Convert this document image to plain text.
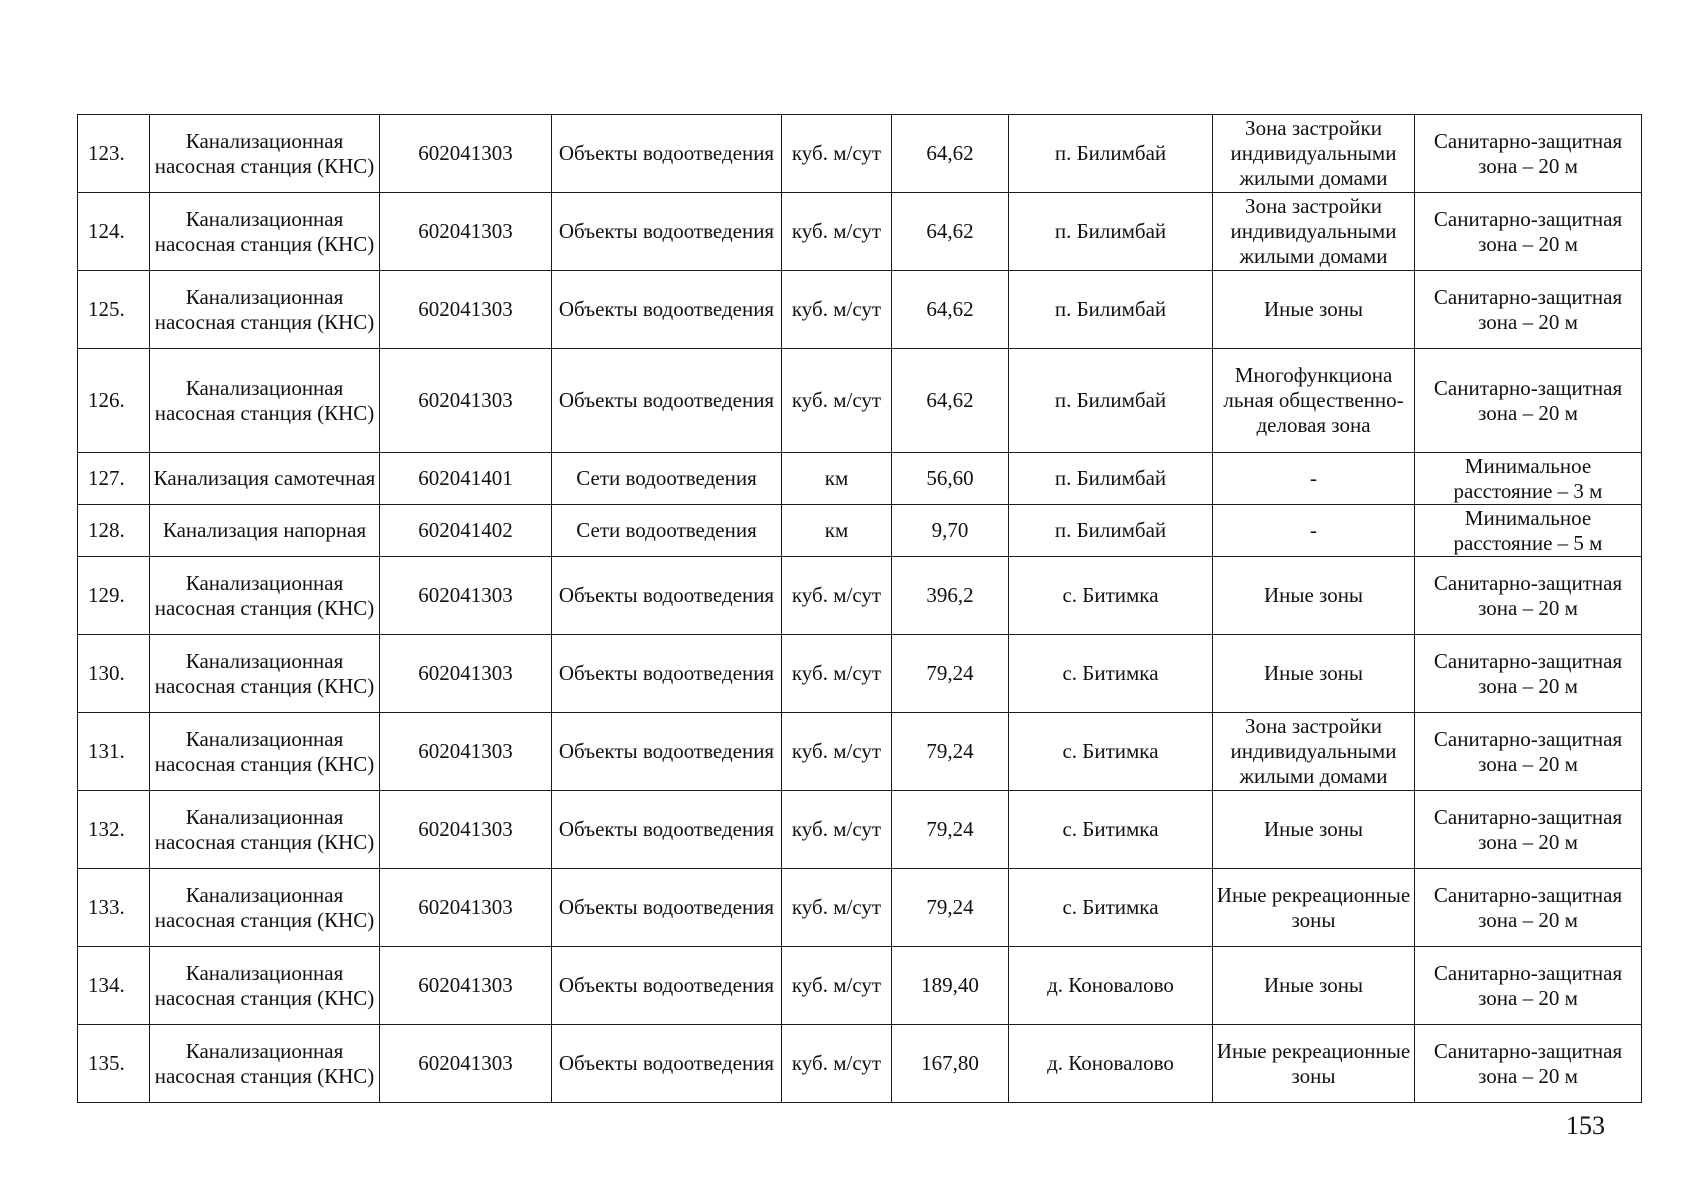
123.	Канализационная насосная станция (КНС)	602041303	Объекты водоотведения	куб. м/сут	64,62	п. Билимбай	Зона застройки индивидуальными жилыми домами	Санитарно-защитная зона – 20 м
124.	Канализационная насосная станция (КНС)	602041303	Объекты водоотведения	куб. м/сут	64,62	п. Билимбай	Зона застройки индивидуальными жилыми домами	Санитарно-защитная зона – 20 м
125.	Канализационная насосная станция (КНС)	602041303	Объекты водоотведения	куб. м/сут	64,62	п. Билимбай	Иные зоны	Санитарно-защитная зона – 20 м
126.	Канализационная насосная станция (КНС)	602041303	Объекты водоотведения	куб. м/сут	64,62	п. Билимбай	Многофункциона льная общественно-деловая зона	Санитарно-защитная зона – 20 м
127.	Канализация самотечная	602041401	Сети водоотведения	км	56,60	п. Билимбай	-	Минимальное расстояние – 3 м
128.	Канализация напорная	602041402	Сети водоотведения	км	9,70	п. Билимбай	-	Минимальное расстояние – 5 м
129.	Канализационная насосная станция (КНС)	602041303	Объекты водоотведения	куб. м/сут	396,2	с. Битимка	Иные зоны	Санитарно-защитная зона – 20 м
130.	Канализационная насосная станция (КНС)	602041303	Объекты водоотведения	куб. м/сут	79,24	с. Битимка	Иные зоны	Санитарно-защитная зона – 20 м
131.	Канализационная насосная станция (КНС)	602041303	Объекты водоотведения	куб. м/сут	79,24	с. Битимка	Зона застройки индивидуальными жилыми домами	Санитарно-защитная зона – 20 м
132.	Канализационная насосная станция (КНС)	602041303	Объекты водоотведения	куб. м/сут	79,24	с. Битимка	Иные зоны	Санитарно-защитная зона – 20 м
133.	Канализационная насосная станция (КНС)	602041303	Объекты водоотведения	куб. м/сут	79,24	с. Битимка	Иные рекреационные зоны	Санитарно-защитная зона – 20 м
134.	Канализационная насосная станция (КНС)	602041303	Объекты водоотведения	куб. м/сут	189,40	д. Коновалово	Иные зоны	Санитарно-защитная зона – 20 м
135.	Канализационная насосная станция (КНС)	602041303	Объекты водоотведения	куб. м/сут	167,80	д. Коновалово	Иные рекреационные зоны	Санитарно-защитная зона – 20 м
153
